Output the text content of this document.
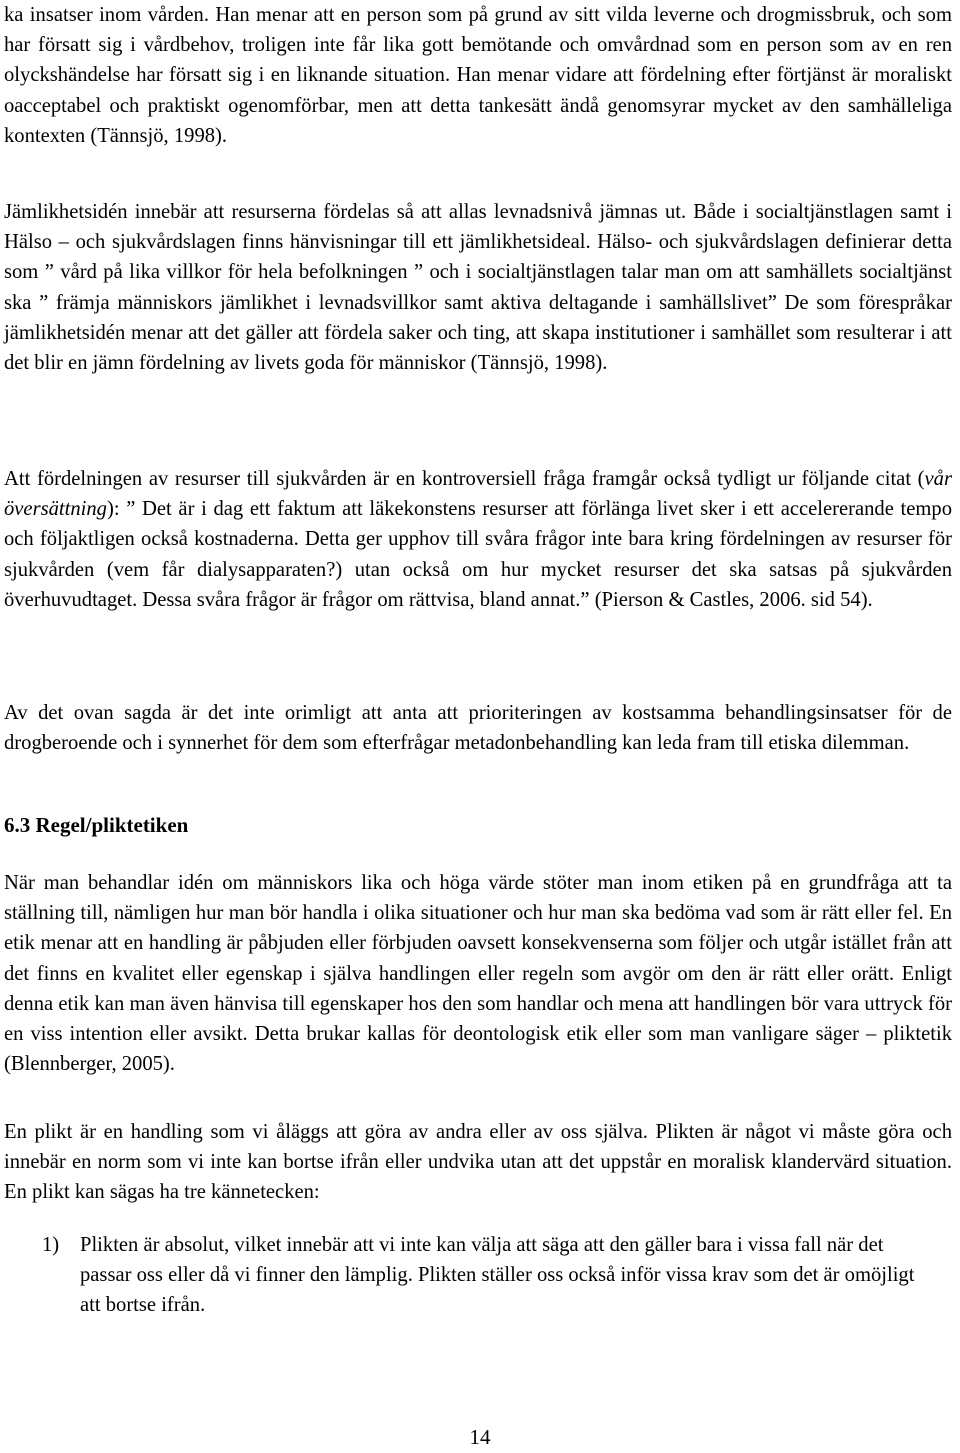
ka insatser inom vården. Han menar att en person som på grund av sitt vilda leverne och drogmissbruk, och som har försatt sig i vårdbehov, troligen inte får lika gott bemötande och omvårdnad som en person som av en ren olyckshändelse har försatt sig i en liknande situation. Han menar vidare att fördelning efter förtjänst är moraliskt oacceptabel och praktiskt ogenomförbar, men att detta tankesätt ändå genomsyrar mycket av den samhälleliga kontexten (Tännsjö, 1998).

Jämlikhetsidén innebär att resurserna fördelas så att allas levnadsnivå jämnas ut. Både i socialtjänstlagen samt i Hälso – och sjukvårdslagen finns hänvisningar till ett jämlikhetsideal. Hälso- och sjukvårdslagen definierar detta som ” vård på lika villkor för hela befolkningen ” och i socialtjänstlagen talar man om att samhällets socialtjänst ska ” främja människors jämlikhet i levnadsvillkor samt aktiva deltagande i samhällslivet” De som förespråkar jämlikhetsidén menar att det gäller att fördela saker och ting, att skapa institutioner i samhället som resulterar i att det blir en jämn fördelning av livets goda för människor (Tännsjö, 1998).

Att fördelningen av resurser till sjukvården är en kontroversiell fråga framgår också tydligt ur följande citat (vår översättning): ” Det är i dag ett faktum att läkekonstens resurser att förlänga livet sker i ett accelererande tempo och följaktligen också kostnaderna. Detta ger upphov till svåra frågor inte bara kring fördelningen av resurser för sjukvården (vem får dialysapparaten?) utan också om hur mycket resurser det ska satsas på sjukvården överhuvudtaget. Dessa svåra frågor är frågor om rättvisa, bland annat.” (Pierson & Castles, 2006. sid 54).

Av det ovan sagda är det inte orimligt att anta att prioriteringen av kostsamma behandlingsinsatser för de drogberoende och i synnerhet för dem som efterfrågar metadonbehandling kan leda fram till etiska dilemman.

6.3 Regel/pliktetiken

När man behandlar idén om människors lika och höga värde stöter man inom etiken på en grundfråga att ta ställning till, nämligen hur man bör handla i olika situationer och hur man ska bedöma vad som är rätt eller fel. En etik menar att en handling är påbjuden eller förbjuden oavsett konsekvenserna som följer och utgår istället från att det finns en kvalitet eller egenskap i själva handlingen eller regeln som avgör om den är rätt eller orätt. Enligt denna etik kan man även hänvisa till egenskaper hos den som handlar och mena att handlingen bör vara uttryck för en viss intention eller avsikt. Detta brukar kallas för deontologisk etik eller som man vanligare säger – pliktetik (Blennberger, 2005).

En plikt är en handling som vi åläggs att göra av andra eller av oss själva. Plikten är något vi måste göra och innebär en norm som vi inte kan bortse ifrån eller undvika utan att det uppstår en moralisk klandervärd situation. En plikt kan sägas ha tre kännetecken:

1) Plikten är absolut, vilket innebär att vi inte kan välja att säga att den gäller bara i vissa fall när det passar oss eller då vi finner den lämplig. Plikten ställer oss också inför vissa krav som det är omöjligt att bortse ifrån.

14
